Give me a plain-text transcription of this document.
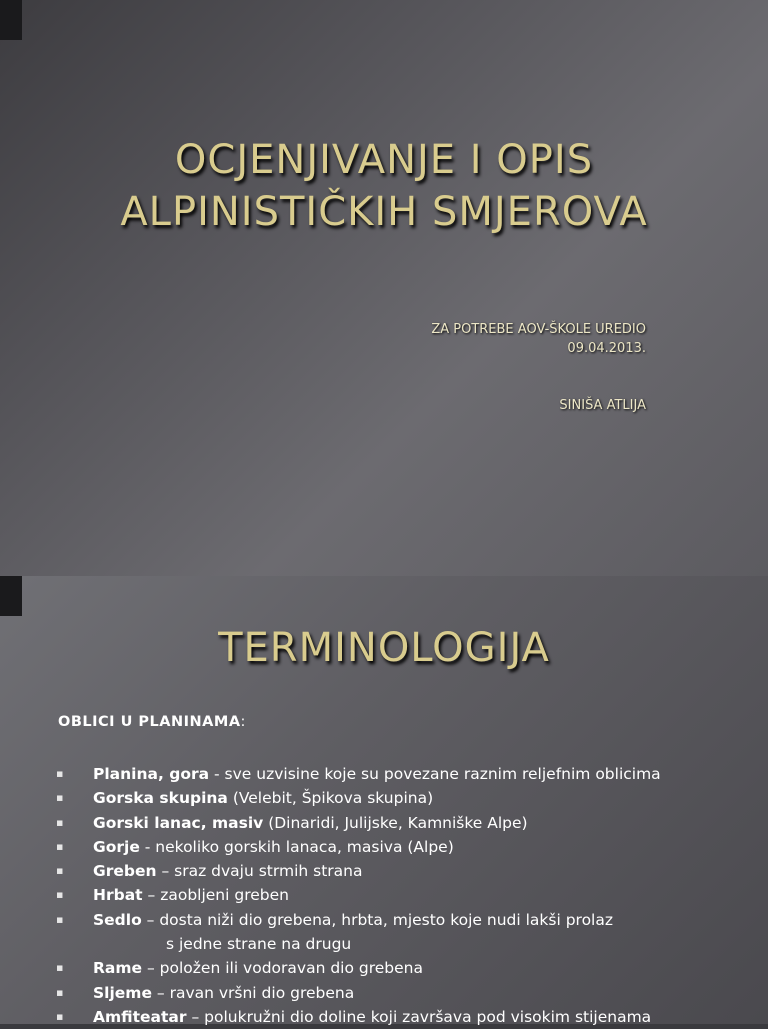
OCJENJIVANJE I OPIS
ALPINISTIČKIH SMJEROVA
ZA POTREBE AOV-ŠKOLE UREDIO
09.04.2013.
SINIŠA ATLIJA
TERMINOLOGIJA
OBLICI U PLANINAMA:
▪ Planina, gora - sve uzvisine koje su povezane raznim reljefnim oblicima
▪ Gorska skupina (Velebit, Špikova skupina)
▪ Gorski lanac, masiv (Dinaridi, Julijske, Kamniške Alpe)
▪ Gorje - nekoliko gorskih lanaca, masiva (Alpe)
▪ Greben – sraz dvaju strmih strana
▪ Hrbat – zaobljeni greben
▪ Sedlo – dosta niži dio grebena, hrbta, mjesto koje nudi lakši prolaz
s jedne strane na drugu
▪ Rame – položen ili vodoravan dio grebena
▪ Sljeme – ravan vršni dio grebena
▪ Amfiteatar – polukružni dio doline koji završava pod visokim stijenama
